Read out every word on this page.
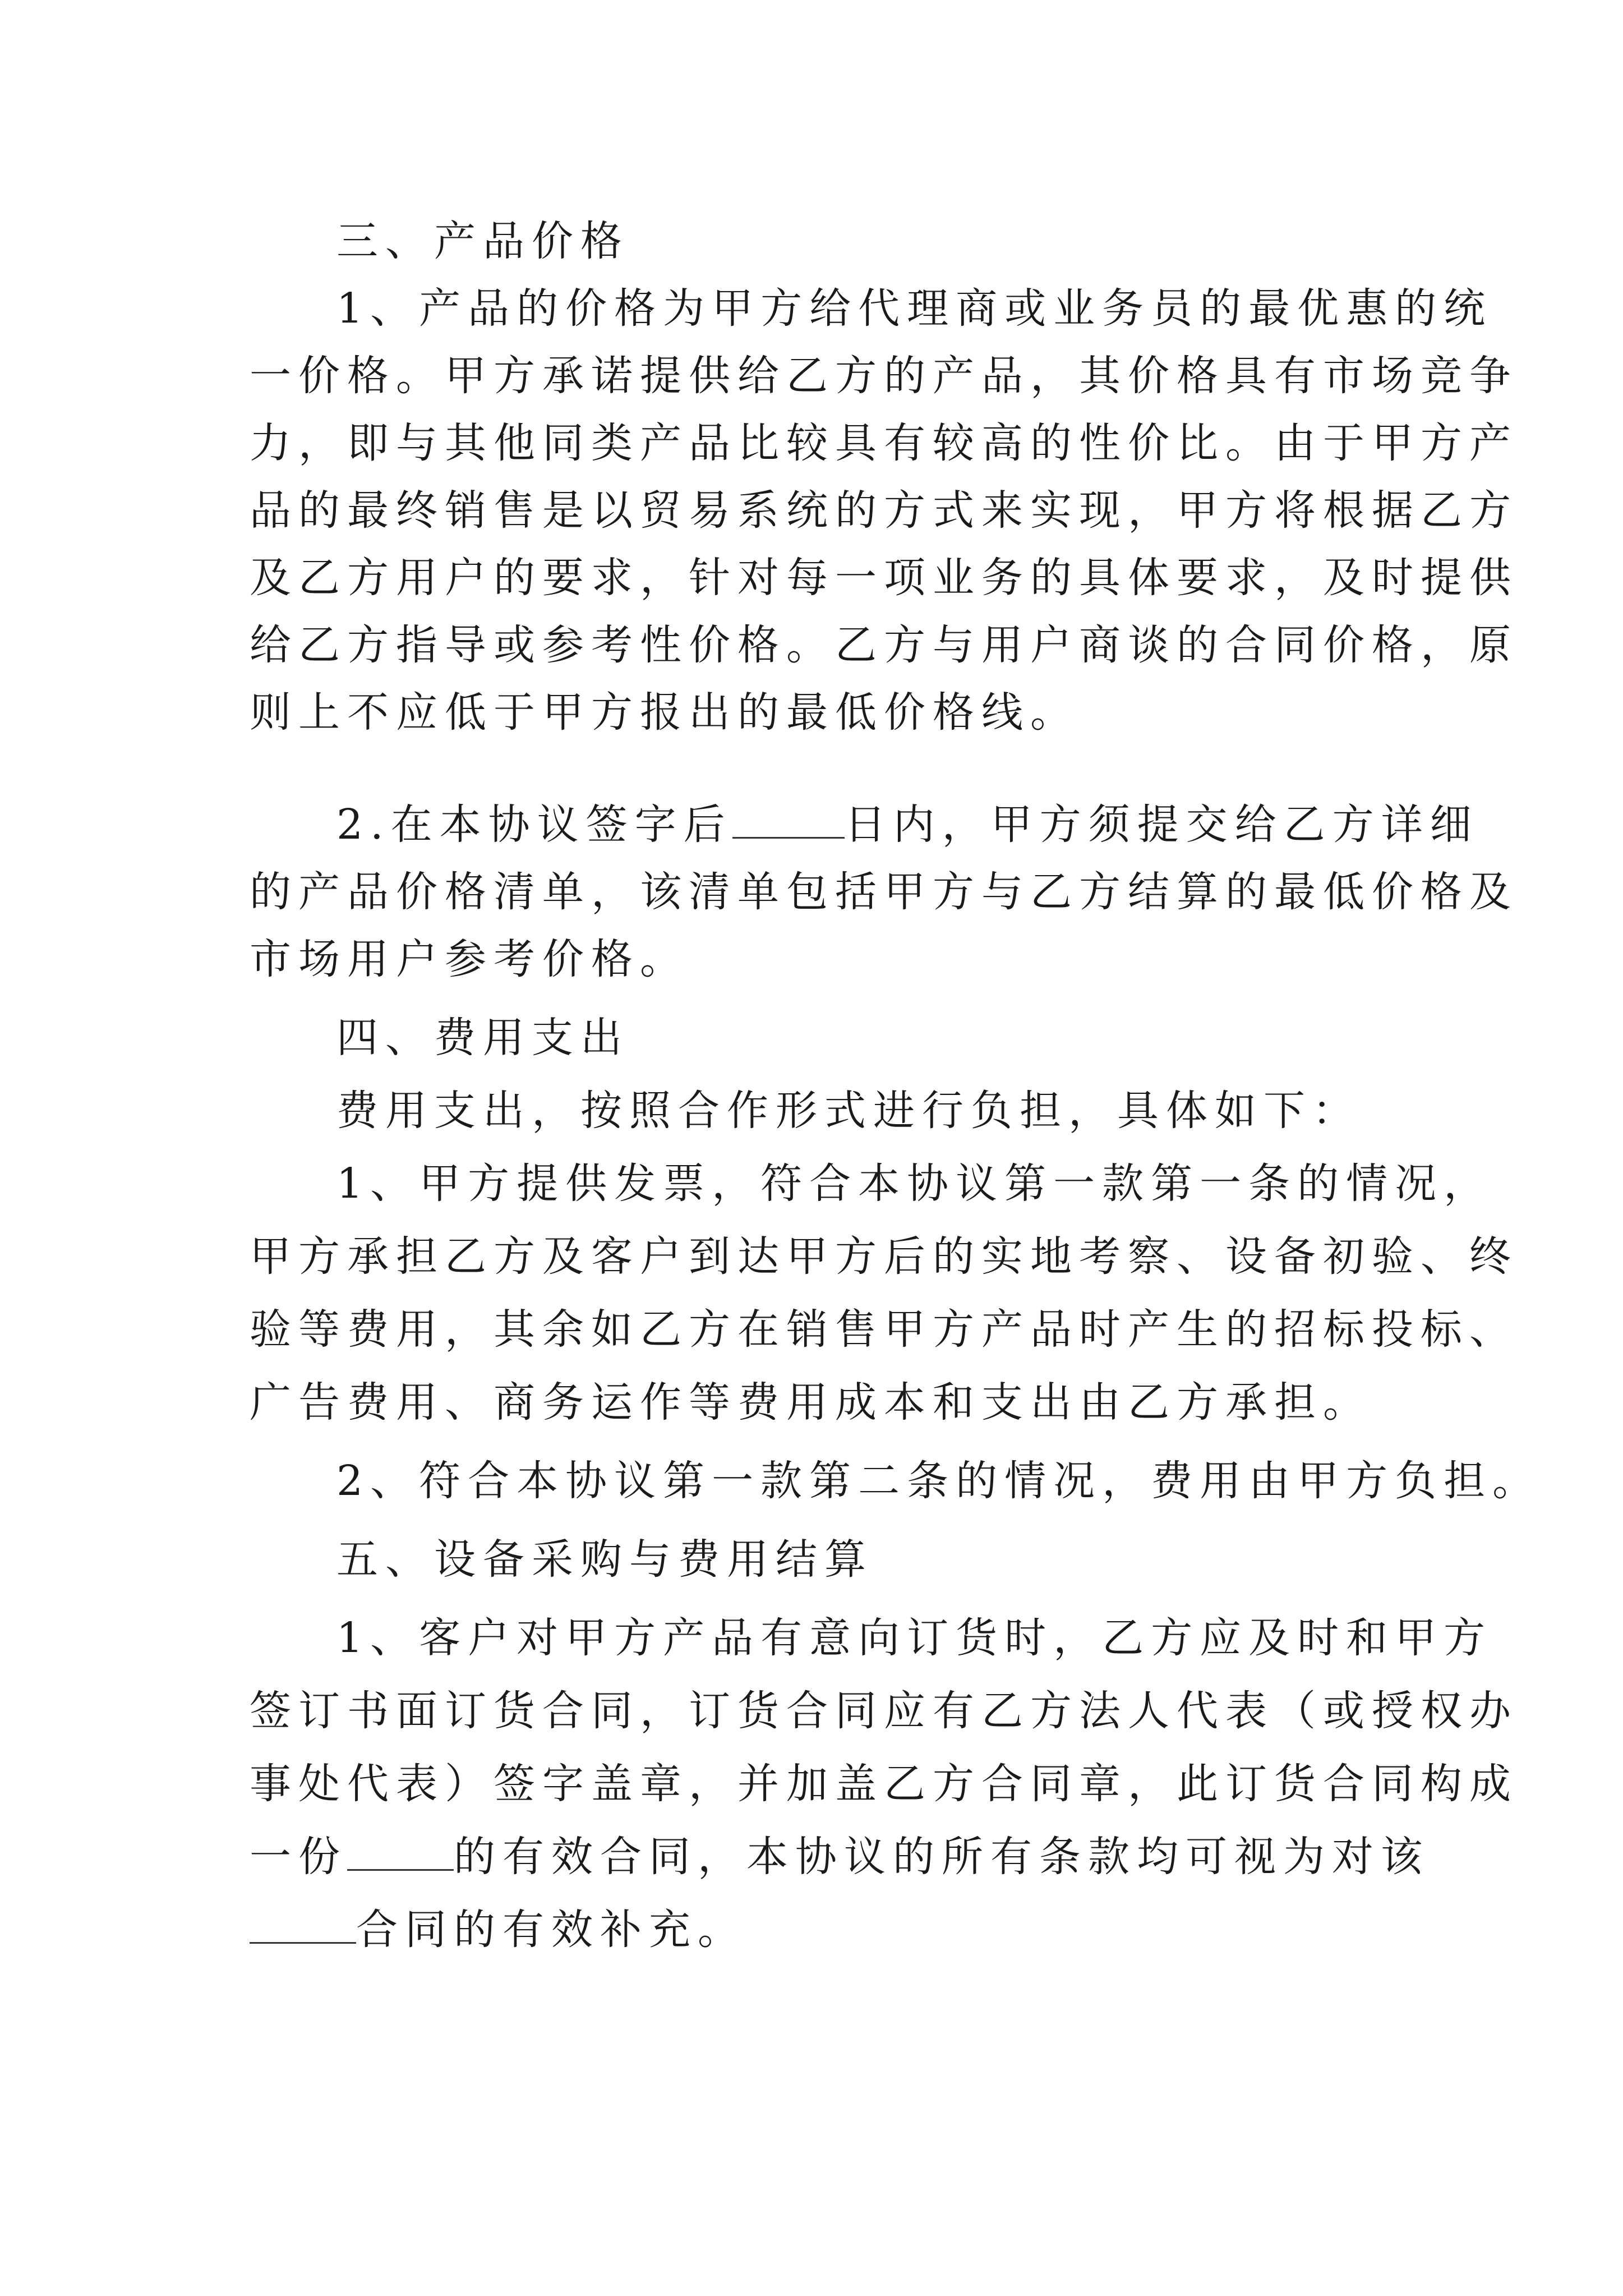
三、产品价格
1、产品的价格为甲方给代理商或业务员的最优惠的统
一价格。甲方承诺提供给乙方的产品，其价格具有市场竞争
力，即与其他同类产品比较具有较高的性价比。由于甲方产
品的最终销售是以贸易系统的方式来实现，甲方将根据乙方
及乙方用户的要求，针对每一项业务的具体要求，及时提供
给乙方指导或参考性价格。乙方与用户商谈的合同价格，原
则上不应低于甲方报出的最低价格线。
2.在本协议签字后	日内，甲方须提交给乙方详细
的产品价格清单，该清单包括甲方与乙方结算的最低价格及
市场用户参考价格。
四、费用支出
费用支出，按照合作形式进行负担，具体如下：
1、甲方提供发票，符合本协议第一款第一条的情况，
甲方承担乙方及客户到达甲方后的实地考察、设备初验、终
验等费用，其余如乙方在销售甲方产品时产生的招标投标、
广告费用、商务运作等费用成本和支出由乙方承担。
2、符合本协议第一款第二条的情况，费用由甲方负担。
五、设备采购与费用结算
1、客户对甲方产品有意向订货时，乙方应及时和甲方
签订书面订货合同，订货合同应有乙方法人代表（或授权办
事处代表）签字盖章，并加盖乙方合同章，此订货合同构成
一份	的有效合同，本协议的所有条款均可视为对该
合同的有效补充。
